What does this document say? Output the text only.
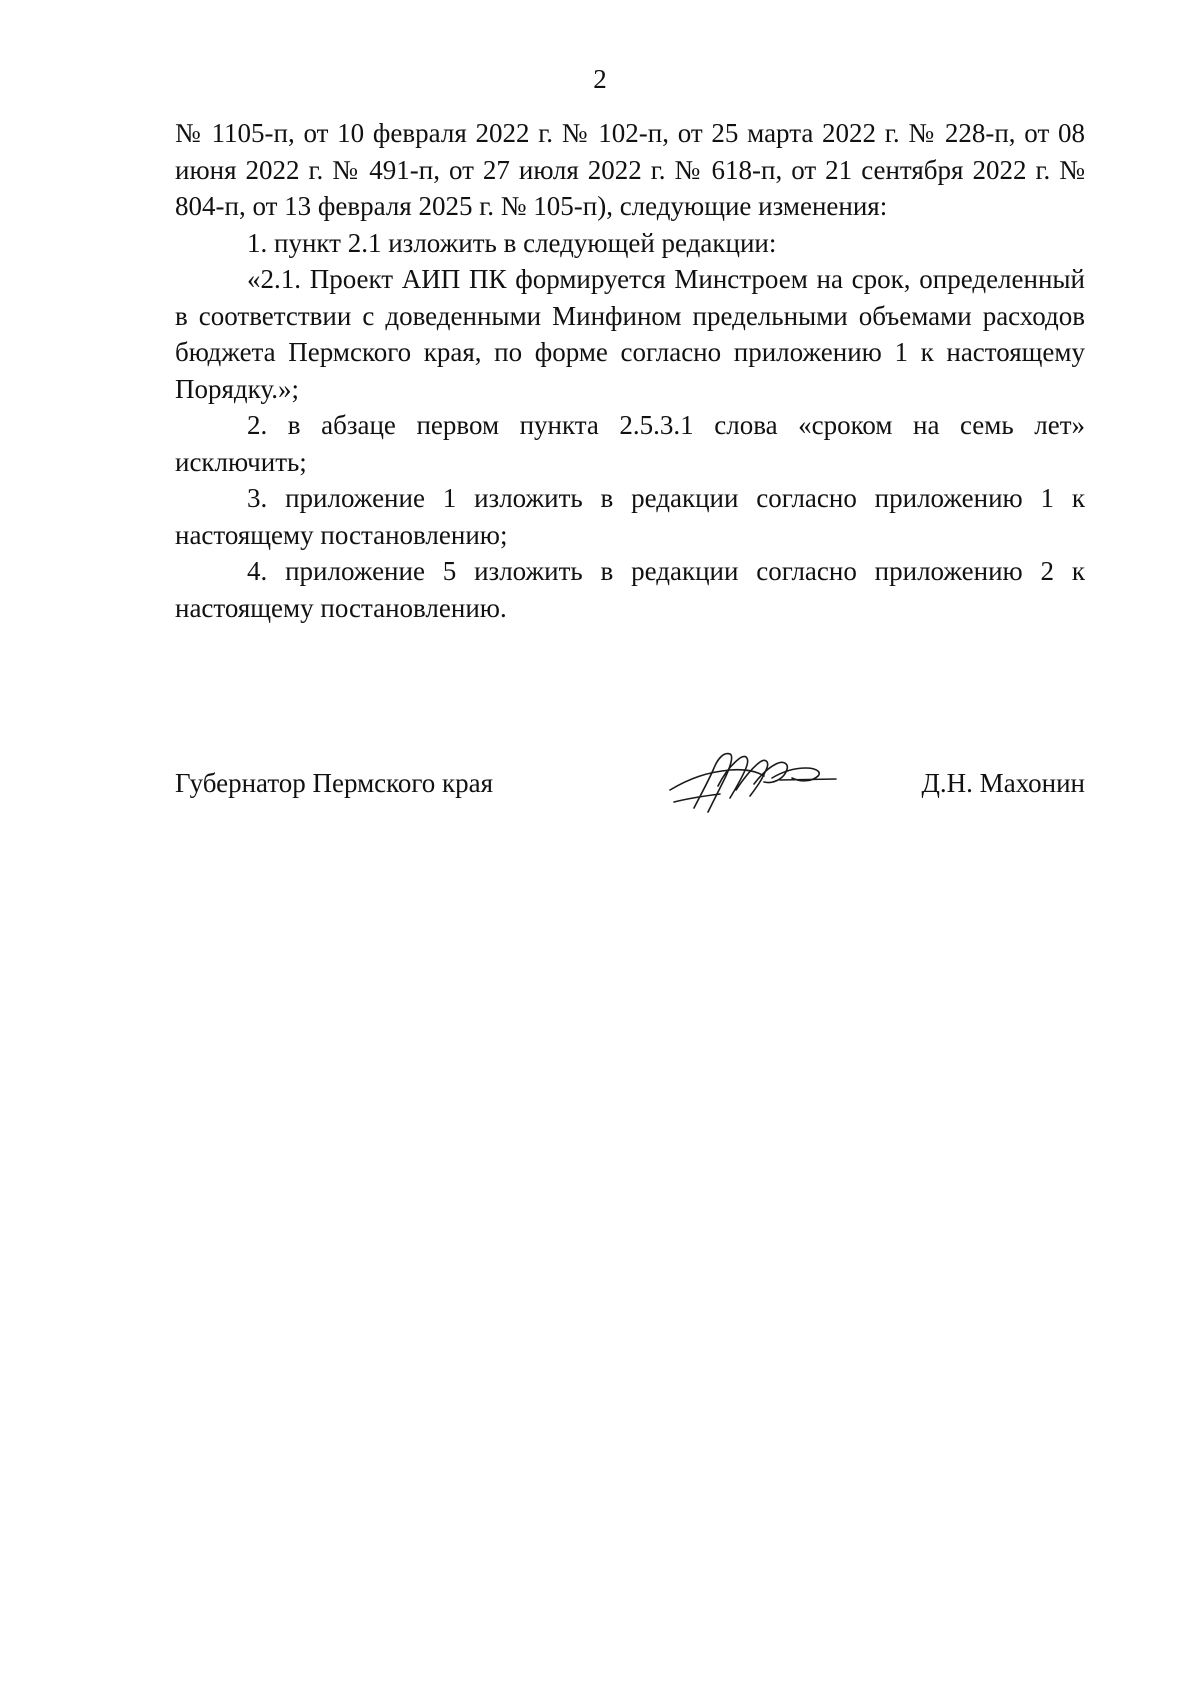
2

№ 1105-п, от 10 февраля 2022 г. № 102-п, от 25 марта 2022 г. № 228-п, от 08 июня 2022 г. № 491-п, от 27 июля 2022 г. № 618-п, от 21 сентября 2022 г. № 804-п, от 13 февраля 2025 г. № 105-п), следующие изменения:

1. пункт 2.1 изложить в следующей редакции:

«2.1. Проект АИП ПК формируется Минстроем на срок, определенный в соответствии с доведенными Минфином предельными объемами расходов бюджета Пермского края, по форме согласно приложению 1 к настоящему Порядку.»;

2. в абзаце первом пункта 2.5.3.1 слова «сроком на семь лет» исключить;

3. приложение 1 изложить в редакции согласно приложению 1 к настоящему постановлению;

4. приложение 5 изложить в редакции согласно приложению 2 к настоящему постановлению.

Губернатор Пермского края	Д.Н. Махонин
